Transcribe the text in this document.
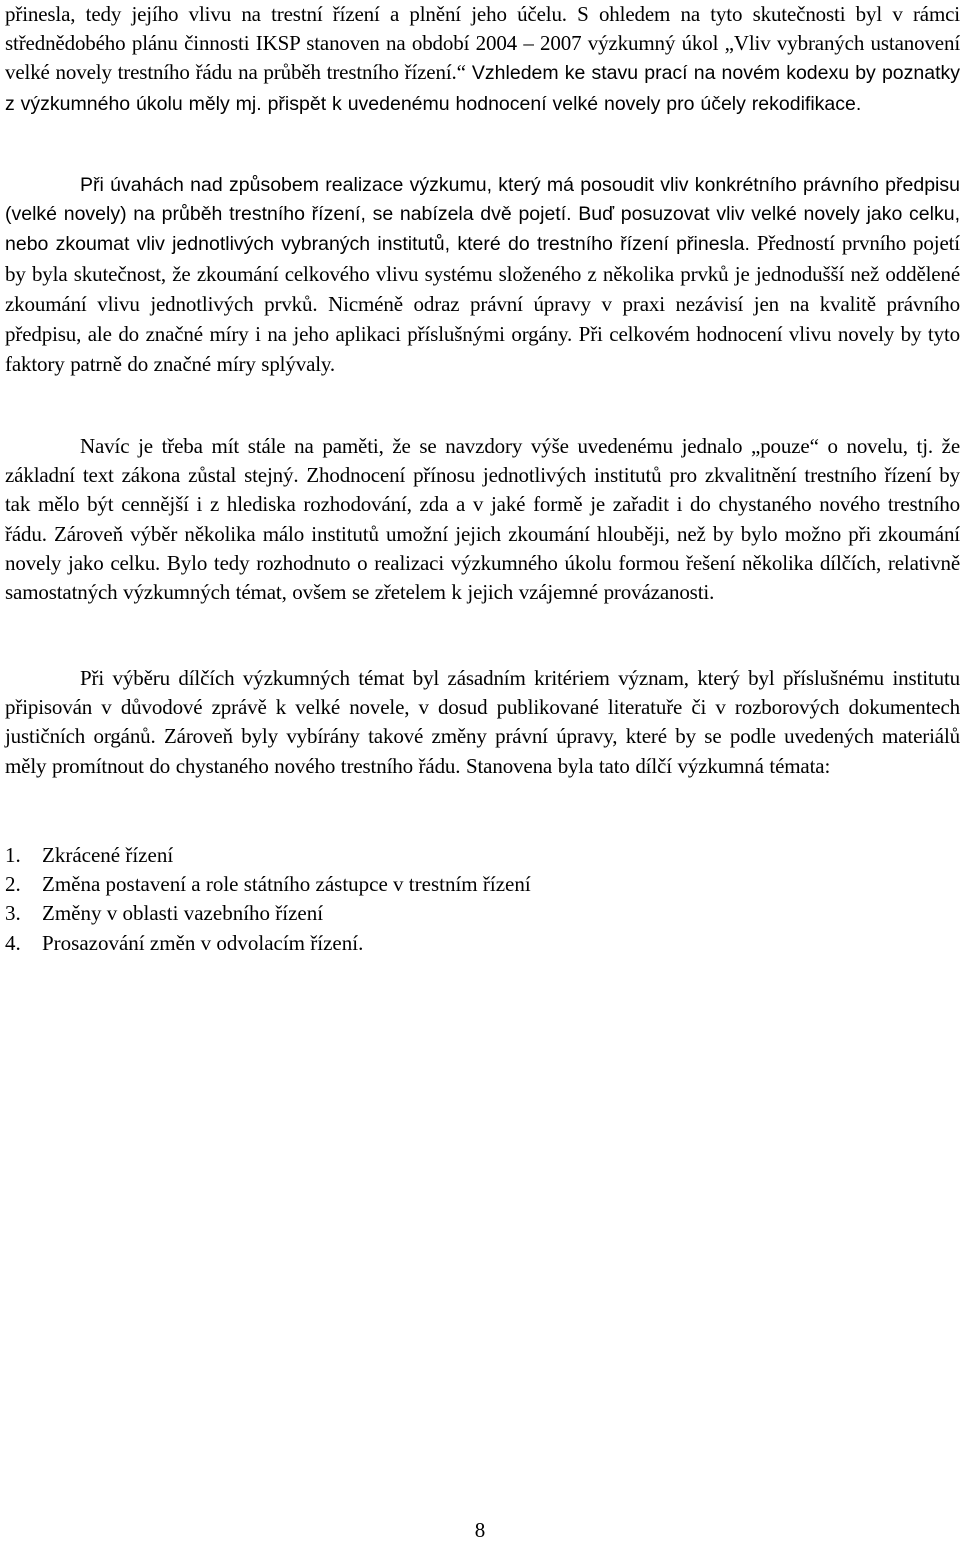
přinesla, tedy jejího vlivu na trestní řízení a plnění jeho účelu. S ohledem na tyto skutečnosti byl v rámci střednědobého plánu činnosti IKSP stanoven na období 2004 – 2007 výzkumný úkol „Vliv vybraných ustanovení velké novely trestního řádu na průběh trestního řízení.“ Vzhledem ke stavu prací na novém kodexu by poznatky z výzkumného úkolu měly mj. přispět k uvedenému hodnocení velké novely pro účely rekodifikace.

Při úvahách nad způsobem realizace výzkumu, který má posoudit vliv konkrétního právního předpisu (velké novely) na průběh trestního řízení, se nabízela dvě pojetí. Buď posuzovat vliv velké novely jako celku, nebo zkoumat vliv jednotlivých vybraných institutů, které do trestního řízení přinesla. Předností prvního pojetí by byla skutečnost, že zkoumání celkového vlivu systému složeného z několika prvků je jednodušší než oddělené zkoumání vlivu jednotlivých prvků. Nicméně odraz právní úpravy v praxi nezávisí jen na kvalitě právního předpisu, ale do značné míry i na jeho aplikaci příslušnými orgány. Při celkovém hodnocení vlivu novely by tyto faktory patrně do značné míry splývaly.

Navíc je třeba mít stále na paměti, že se navzdory výše uvedenému jednalo „pouze“ o novelu, tj. že základní text zákona zůstal stejný. Zhodnocení přínosu jednotlivých institutů pro zkvalitnění trestního řízení by tak mělo být cennější i z hlediska rozhodování, zda a v jaké formě je zařadit i do chystaného nového trestního řádu. Zároveň výběr několika málo institutů umožní jejich zkoumání hlouběji, než by bylo možno při zkoumání novely jako celku. Bylo tedy rozhodnuto o realizaci výzkumného úkolu formou řešení několika dílčích, relativně samostatných výzkumných témat, ovšem se zřetelem k jejich vzájemné provázanosti.

Při výběru dílčích výzkumných témat byl zásadním kritériem význam, který byl příslušnému institutu připisován v důvodové zprávě k velké novele, v dosud publikované literatuře či v rozborových dokumentech justičních orgánů. Zároveň byly vybírány takové změny právní úpravy, které by se podle uvedených materiálů měly promítnout do chystaného nového trestního řádu. Stanovena byla tato dílčí výzkumná témata:

1.	Zkrácené řízení
2.	Změna postavení a role státního zástupce v trestním řízení
3.	Změny v oblasti vazebního řízení
4.	Prosazování změn v odvolacím řízení.
8
